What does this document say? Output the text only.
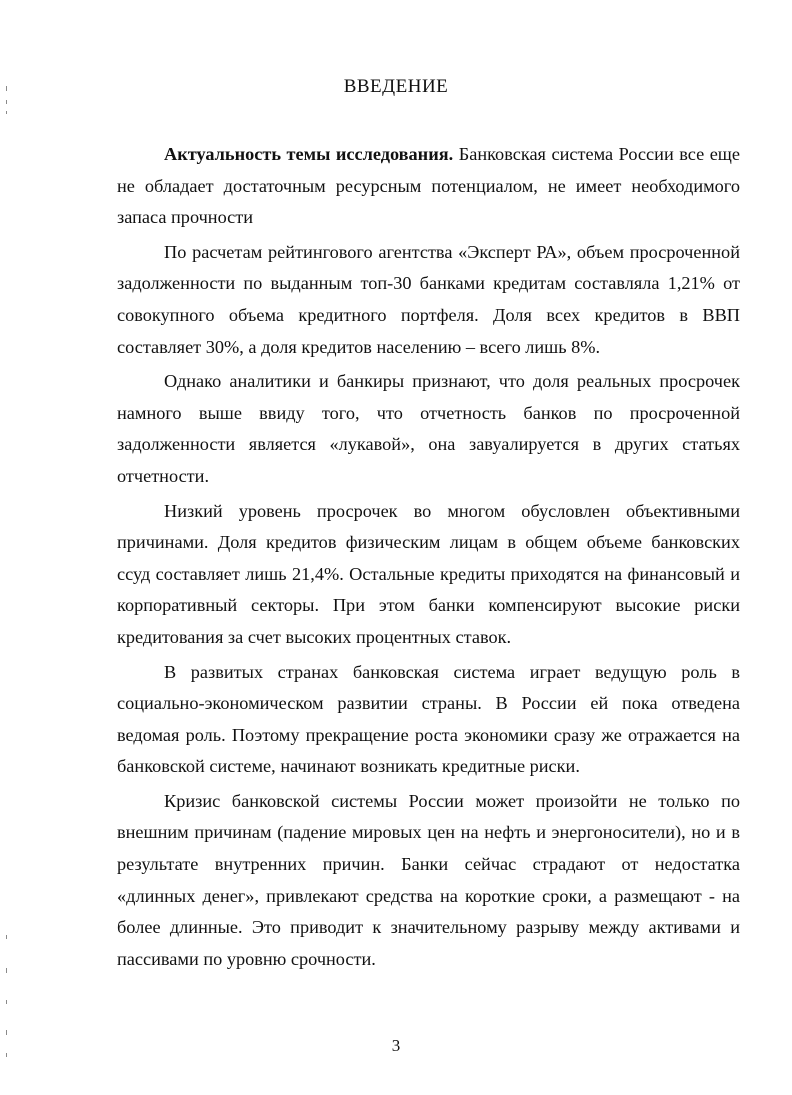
ВВЕДЕНИЕ

Актуальность темы исследования. Банковская система России все еще не обладает достаточным ресурсным потенциалом, не имеет необходимого запаса прочности

По расчетам рейтингового агентства «Эксперт РА», объем просроченной задолженности по выданным топ-30 банками кредитам составляла 1,21% от совокупного объема кредитного портфеля. Доля всех кредитов в ВВП составляет 30%, а доля кредитов населению – всего лишь 8%.

Однако аналитики и банкиры признают, что доля реальных просрочек намного выше ввиду того, что отчетность банков по просроченной задолженности является «лукавой», она завуалируется в других статьях отчетности.

Низкий уровень просрочек во многом обусловлен объективными причинами. Доля кредитов физическим лицам в общем объеме банковских ссуд составляет лишь 21,4%. Остальные кредиты приходятся на финансовый и корпоративный секторы. При этом банки компенсируют высокие риски кредитования за счет высоких процентных ставок.

В развитых странах банковская система играет ведущую роль в социально-экономическом развитии страны. В России ей пока отведена ведомая роль. Поэтому прекращение роста экономики сразу же отражается на банковской системе, начинают возникать кредитные риски.

Кризис банковской системы России может произойти не только по внешним причинам (падение мировых цен на нефть и энергоносители), но и в результате внутренних причин. Банки сейчас страдают от недостатка «длинных денег», привлекают средства на короткие сроки, а размещают - на более длинные. Это приводит к значительному разрыву между активами и пассивами по уровню срочности.

3
